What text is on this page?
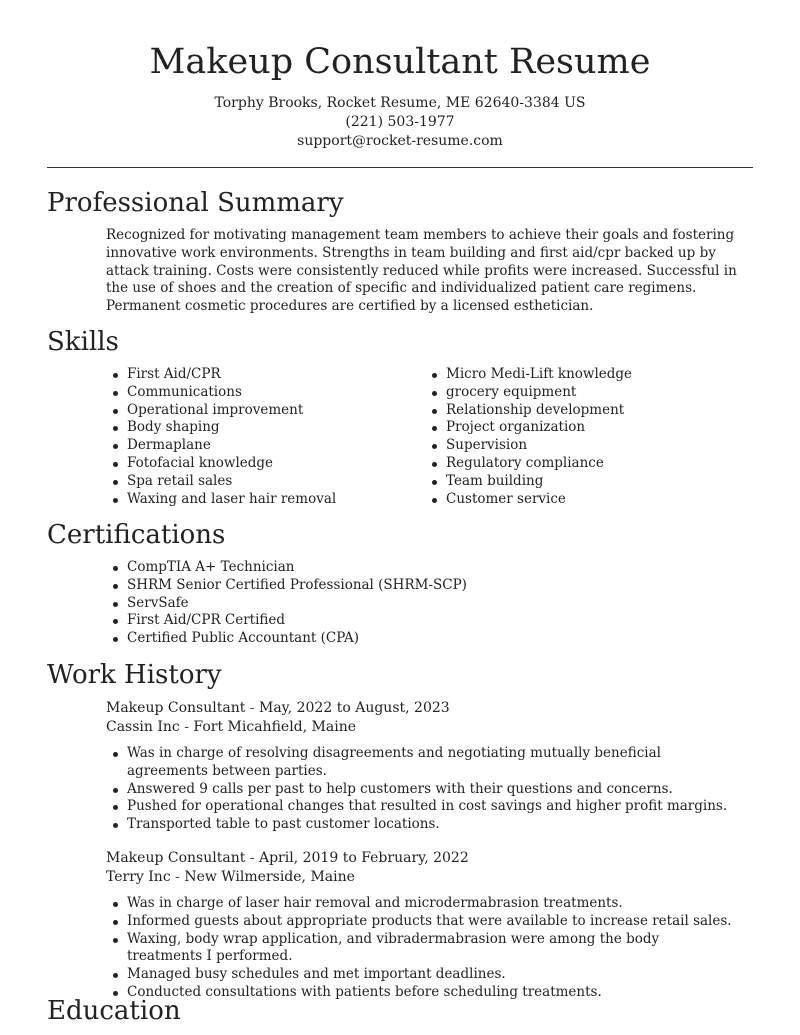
Makeup Consultant Resume
Torphy Brooks, Rocket Resume, ME 62640-3384 US
(221) 503-1977
support@rocket-resume.com
Professional Summary
Recognized for motivating management team members to achieve their goals and fostering innovative work environments. Strengths in team building and first aid/cpr backed up by attack training. Costs were consistently reduced while profits were increased. Successful in the use of shoes and the creation of specific and individualized patient care regimens. Permanent cosmetic procedures are certified by a licensed esthetician.
Skills
First Aid/CPR
Communications
Operational improvement
Body shaping
Dermaplane
Fotofacial knowledge
Spa retail sales
Waxing and laser hair removal
Micro Medi-Lift knowledge
grocery equipment
Relationship development
Project organization
Supervision
Regulatory compliance
Team building
Customer service
Certifications
CompTIA A+ Technician
SHRM Senior Certified Professional (SHRM-SCP)
ServSafe
First Aid/CPR Certified
Certified Public Accountant (CPA)
Work History
Makeup Consultant - May, 2022 to August, 2023
Cassin Inc - Fort Micahfield, Maine
Was in charge of resolving disagreements and negotiating mutually beneficial agreements between parties.
Answered 9 calls per past to help customers with their questions and concerns.
Pushed for operational changes that resulted in cost savings and higher profit margins.
Transported table to past customer locations.
Makeup Consultant - April, 2019 to February, 2022
Terry Inc - New Wilmerside, Maine
Was in charge of laser hair removal and microdermabrasion treatments.
Informed guests about appropriate products that were available to increase retail sales.
Waxing, body wrap application, and vibradermabrasion were among the body treatments I performed.
Managed busy schedules and met important deadlines.
Conducted consultations with patients before scheduling treatments.
Education
